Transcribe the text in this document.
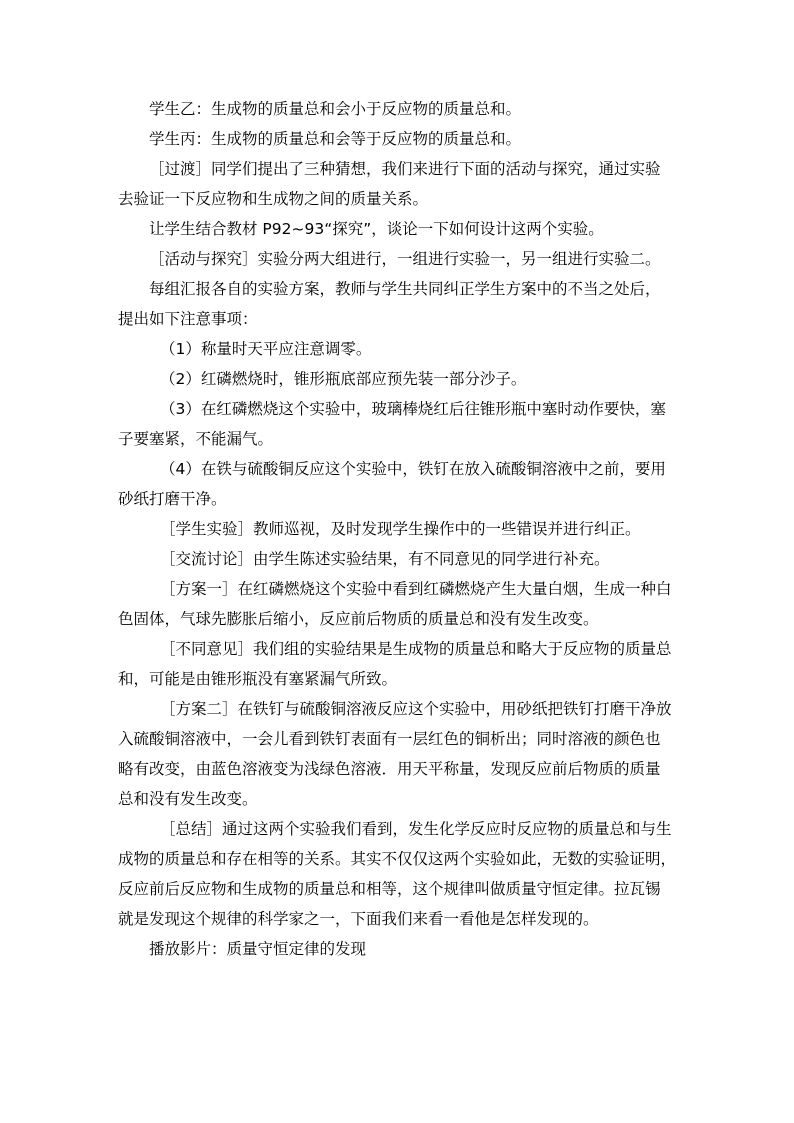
学生乙：生成物的质量总和会小于反应物的质量总和。

学生丙：生成物的质量总和会等于反应物的质量总和。

［过渡］同学们提出了三种猜想，我们来进行下面的活动与探究，通过实验
去验证一下反应物和生成物之间的质量关系。

让学生结合教材 P92~93“探究”，谈论一下如何设计这两个实验。

［活动与探究］实验分两大组进行，一组进行实验一，另一组进行实验二。

每组汇报各自的实验方案，教师与学生共同纠正学生方案中的不当之处后，
提出如下注意事项：

（1）称量时天平应注意调零。

（2）红磷燃烧时，锥形瓶底部应预先装一部分沙子。

（3）在红磷燃烧这个实验中，玻璃棒烧红后往锥形瓶中塞时动作要快，塞
子要塞紧，不能漏气。

（4）在铁与硫酸铜反应这个实验中，铁钉在放入硫酸铜溶液中之前，要用
砂纸打磨干净。

［学生实验］教师巡视，及时发现学生操作中的一些错误并进行纠正。

［交流讨论］由学生陈述实验结果，有不同意见的同学进行补充。

［方案一］在红磷燃烧这个实验中看到红磷燃烧产生大量白烟，生成一种白
色固体，气球先膨胀后缩小，反应前后物质的质量总和没有发生改变。

［不同意见］我们组的实验结果是生成物的质量总和略大于反应物的质量总
和，可能是由锥形瓶没有塞紧漏气所致。

［方案二］在铁钉与硫酸铜溶液反应这个实验中，用砂纸把铁钉打磨干净放
入硫酸铜溶液中，一会儿看到铁钉表面有一层红色的铜析出；同时溶液的颜色也
略有改变，由蓝色溶液变为浅绿色溶液．用天平称量，发现反应前后物质的质量
总和没有发生改变。

［总结］通过这两个实验我们看到，发生化学反应时反应物的质量总和与生
成物的质量总和存在相等的关系。其实不仅仅这两个实验如此，无数的实验证明，
反应前后反应物和生成物的质量总和相等，这个规律叫做质量守恒定律。拉瓦锡
就是发现这个规律的科学家之一，下面我们来看一看他是怎样发现的。

播放影片：质量守恒定律的发现
